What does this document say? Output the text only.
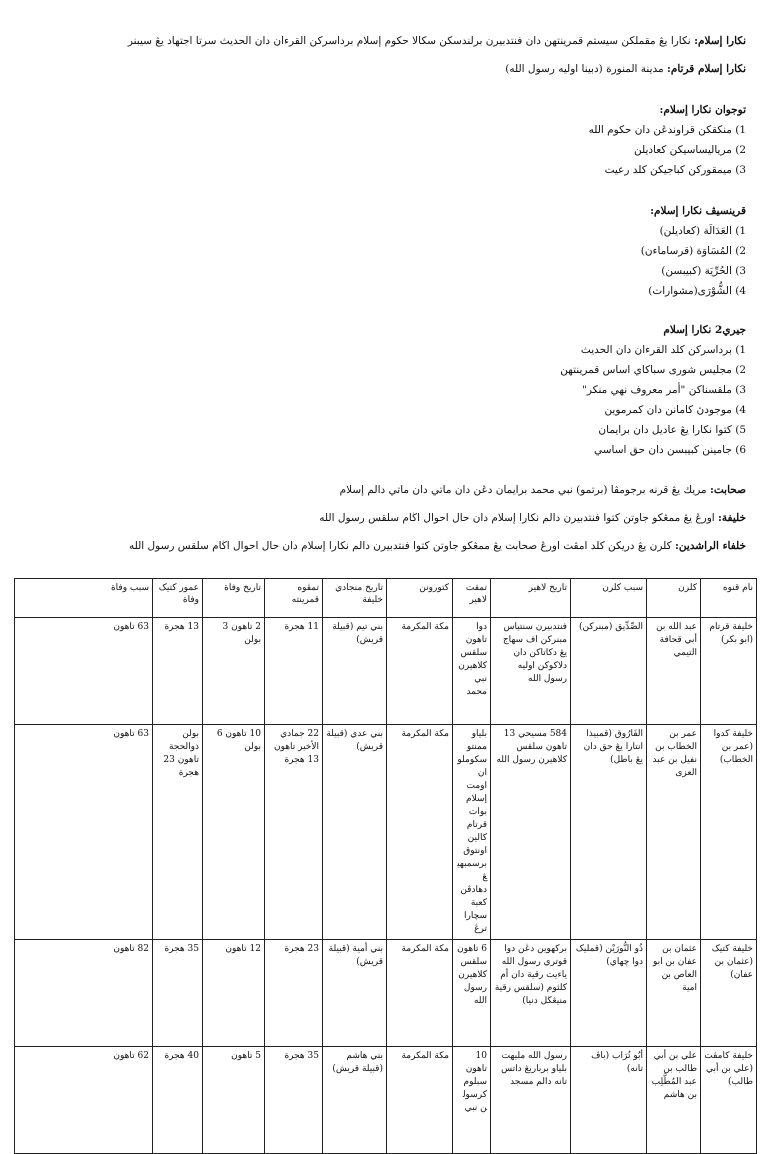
نكارا إسلام: نكارا يڠ مقملكن سيستم قمرينتهن دان فنتدبيرن برلندسكن سكالا حكوم إسلام برداسركن القرءان دان الحديث سرتا اجتهاد يڠ سيبنر
نكارا إسلام قرتام: مدينة المنورة (دبينا اوليه رسول الله)
توجوان نكارا إسلام:
1) منكقكن قراوندڠن دان حكوم الله
2) مرياليساسيكن كعاديلن
3) ميمقوركن كبا‌جيكن كلد رعيت
قرينسيڤ نكارا إسلام:
1) العَدَالَة (كعاديلن)
2) المُسَاوَة (قرساماءن)
3) الحُرِّيَة (كبيبسن)
4) الشُّوْرَى(مشوارات)
جيري2 نكارا إسلام
1) برداسركن كلد القرءان دان الحديث
2) مجليس شورى سباكاي اساس قمرينتهن
3) ملقسناكن "أمر معروف نهي منكر"
4) موجودڽ كامانن دان كمرموين
5) كتوا نكارا يڠ عاديل دان برايمان
6) جامينن كبيبسن دان حق اساسي
صحابت: مريك يڠ قرنه برجومڤا (برتمو) نبي محمد برايمان دڠن دان ماتي دان ماتي دالم إسلام
خليفة: اورڠ يڠ ممڠكو جاوتن كتوا فنتدبيرن دالم نكارا إسلام دان حال احوال اڬام سلقس رسول الله
خلفاء الراشدين: كلرن يڠ دريكن كلد امڤت اورڠ صحابت يڠ ممڠكو جاوتن كتوا فنتدبيرن دالم نكارا إسلام دان حال احوال اڬام سلقس رسول الله
نام قنوه	كلرن	سبب كلرن	تاريخ لاهير	تمقت لاهير	كتورونن	تاريخ منجادي خليفة	تمڤوه قمرينته	تاريخ وفاة	عمور كتيک وفاة	سبب وفاة
خليفة قرتام (ابو بكر)	عبد الله بن أبي قحافة التيمي	الصِّدِّيق (مبنرکن)	فنتدبيرن سنتياس مبنرکن اف سهاج يڠ دكاتاكن دان دلاكوكن اوليه رسول الله	دوا تاهون سلقس كلاهيرن نبي محمد	مكة المكرمة	بني تيم (قبيلة قريش)	11 هجرة	2 تاهون 3 بولن	13 هجرة	63 تاهون
خليفة كدوا (عمر بن الخطاب)	عمر بن الخطاب بن نفيل بن عبد العزى	الفَارُوق (قمبيذا انتارا يڠ حق دان يڠ باطل)	584 مسيحي 13 تاهون سلقس كلاهيرن رسول الله	بلياو ممنتو سكوملوان اومت إسلام بوات قرتام كالين اونتوق برسمبهيڠ دهادڤن كعبة سچارا ترڠ	مكة المكرمة	بني عدي (قبيلة قريش)	22 جمادي الأخير تاهون 13 هجرة	10 تاهون 6 بولن	بولن ذوالحجة تاهون 23 هجرة	63 تاهون
خليفة كتيک (عثمان بن عفان)	عثمان بن عفان بن ابو العاص بن امية	ذُو النُّورَيْن (قمليک دوا چهاي)	بركهوين دڠن دوا قوتري رسول الله ياءيت رقية دان أم كلثوم (سلقس رقية منيڠڬل دنيا)	6 تاهون سلقس كلاهيرن رسول الله	مكة المكرمة	بني أمية (قبيلة قريش)	23 هجرة	12 تاهون	35 هجرة	82 تاهون
خليفة كامڤت (علي بن أبي طالب)	علي بن أبي طالب بن عبد المُطَّلِب بن هاشم	أبُو تُرَاب (باڤ تانه)	رسول الله مليهت بلياو برباريڠ داتس تانه دالم مسجد	10 تاهون سبلوم كرسولن نبي	مكة المكرمة	بني هاشم (قبيلة قريش)	35 هجرة	5 تاهون	40 هجرة	62 تاهون
